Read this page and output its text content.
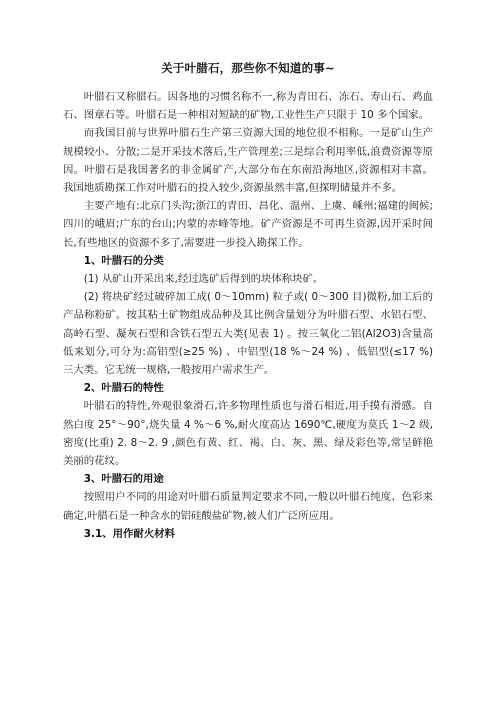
关于叶腊石，那些你不知道的事~

叶腊石又称腊石。因各地的习惯名称不一,称为青田石、冻石、寿山石、鸡血石、图章石等。叶腊石是一种相对短缺的矿物,工业性生产只限于 10 多个国家。

而我国目前与世界叶腊石生产第三资源大国的地位很不相称。一是矿山生产规模较小、分散;二是开采技术落后,生产管理差;三是综合利用率低,浪费资源等原因。叶腊石是我国著名的非金属矿产,大部分布在东南沿海地区,资源相对丰富。我国地质勘探工作对叶腊石的投入较少,资源虽然丰富,但探明储量并不多。

主要产地有:北京门头沟;浙江的青田、昌化、温州、上虞、嵊州;福建的闽候;四川的峨眉;广东的台山;内蒙的赤峰等地。矿产资源是不可再生资源,因开采时间长,有些地区的资源不多了,需要进一步投入勘探工作。

1、叶腊石的分类

(1) 从矿山开采出来,经过选矿后得到的块体称块矿。

(2) 将块矿经过破碎加工成( 0～10mm) 粒子或( 0～300 目)微粉,加工后的产品称粉矿。按其粘土矿物组成品种及其比例含量划分为叶腊石型、水铝石型、高岭石型、凝灰石型和含铁石型五大类(见表 1) 。按三氧化二铝(Al2O3)含量高低来划分,可分为:高铝型(≥25 %) 、中铝型(18 %～24 %) 、低铝型(≤17 %) 三大类。它无统一规格,一般按用户需求生产。

2、叶腊石的特性

叶腊石的特性,外观很象滑石,许多物理性质也与滑石相近,用手摸有滑感。自然白度 25°～90°,烧失量 4 %～6 %,耐火度高达 1690℃,硬度为莫氏 1～2 级,密度(比重) 2. 8～2. 9 ,颜色有黄、红、褐、白、灰、黑、绿及彩色等,常呈鲜艳美丽的花纹。

3、叶腊石的用途

按照用户不同的用途对叶腊石质量判定要求不同,一般以叶腊石纯度、色彩来确定,叶腊石是一种含水的铝硅酸盐矿物,被人们广泛所应用。

3.1、用作耐火材料
